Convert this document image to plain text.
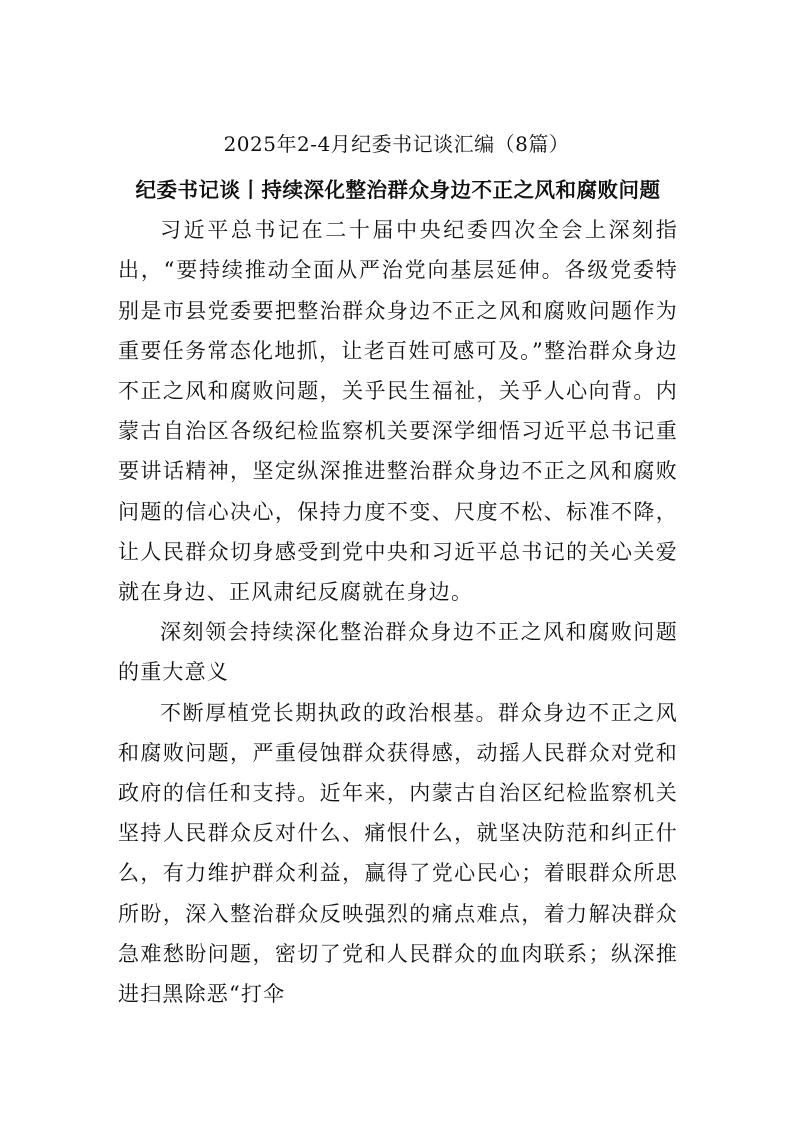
2025年2-4月纪委书记谈汇编（8篇）

纪委书记谈丨持续深化整治群众身边不正之风和腐败问题

习近平总书记在二十届中央纪委四次全会上深刻指出，“要持续推动全面从严治党向基层延伸。各级党委特别是市县党委要把整治群众身边不正之风和腐败问题作为重要任务常态化地抓，让老百姓可感可及。”整治群众身边不正之风和腐败问题，关乎民生福祉，关乎人心向背。内蒙古自治区各级纪检监察机关要深学细悟习近平总书记重要讲话精神，坚定纵深推进整治群众身边不正之风和腐败问题的信心决心，保持力度不变、尺度不松、标准不降，让人民群众切身感受到党中央和习近平总书记的关心关爱就在身边、正风肃纪反腐就在身边。

深刻领会持续深化整治群众身边不正之风和腐败问题的重大意义

不断厚植党长期执政的政治根基。群众身边不正之风和腐败问题，严重侵蚀群众获得感，动摇人民群众对党和政府的信任和支持。近年来，内蒙古自治区纪检监察机关坚持人民群众反对什么、痛恨什么，就坚决防范和纠正什么，有力维护群众利益，赢得了党心民心；着眼群众所思所盼，深入整治群众反映强烈的痛点难点，着力解决群众急难愁盼问题，密切了党和人民群众的血肉联系；纵深推进扫黑除恶“打伞
